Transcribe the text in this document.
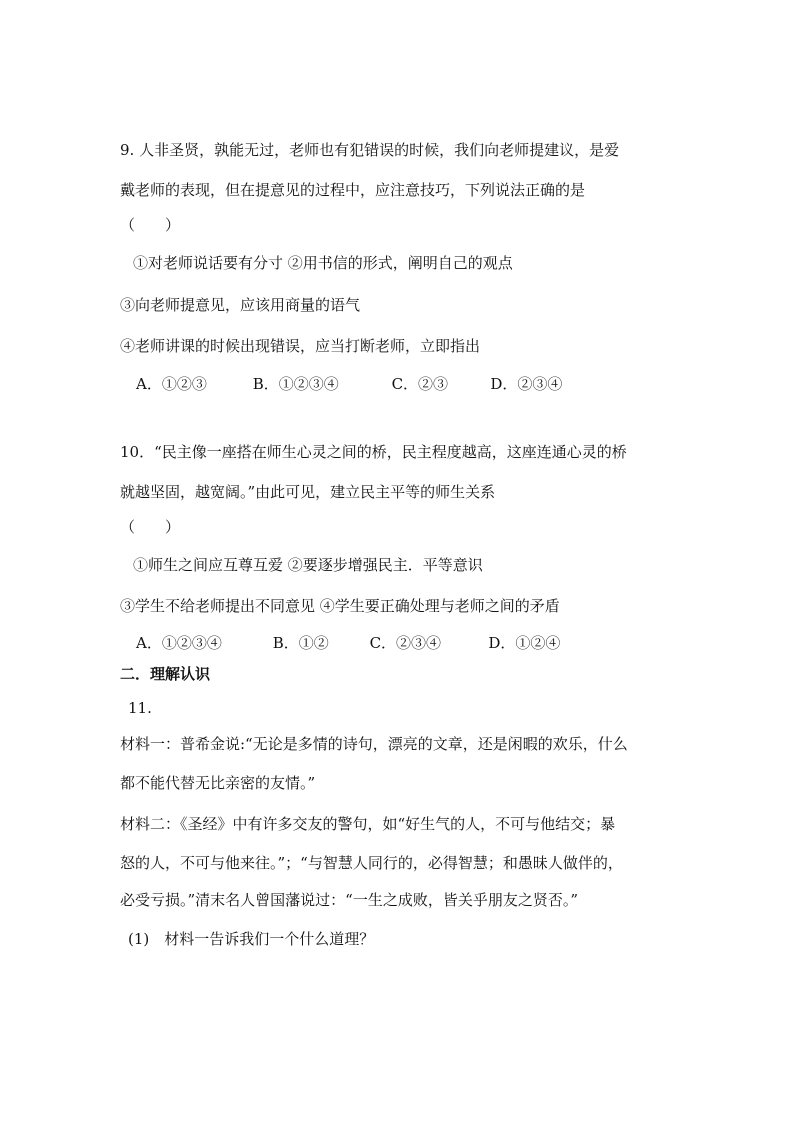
9. 人非圣贤，孰能无过，老师也有犯错误的时候，我们向老师提建议，是爱
戴老师的表现，但在提意见的过程中，应注意技巧，下列说法正确的是
（　　）
①对老师说话要有分寸 ②用书信的形式，阐明自己的观点
③向老师提意见，应该用商量的语气
④老师讲课的时候出现错误，应当打断老师，立即指出
A．①②③	B．①②③④	C．②③	D．②③④
10．“民主像一座搭在师生心灵之间的桥，民主程度越高，这座连通心灵的桥
就越坚固，越宽阔。”由此可见，建立民主平等的师生关系
（　　）
①师生之间应互尊互爱 ②要逐步增强民主．平等意识
③学生不给老师提出不同意见 ④学生要正确处理与老师之间的矛盾
A．①②③④	B．①②	C．②③④	D．①②④
二．理解认识
11.
材料一：普希金说:“无论是多情的诗句，漂亮的文章，还是闲暇的欢乐，什么
都不能代替无比亲密的友情。”
材料二：《圣经》中有许多交友的警句，如“好生气的人，不可与他结交；暴
怒的人，不可与他来往。”；“与智慧人同行的，必得智慧；和愚昧人做伴的，
必受亏损。”清末名人曾国藩说过：“一生之成败，皆关乎朋友之贤否。”
(1)　材料一告诉我们一个什么道理？
